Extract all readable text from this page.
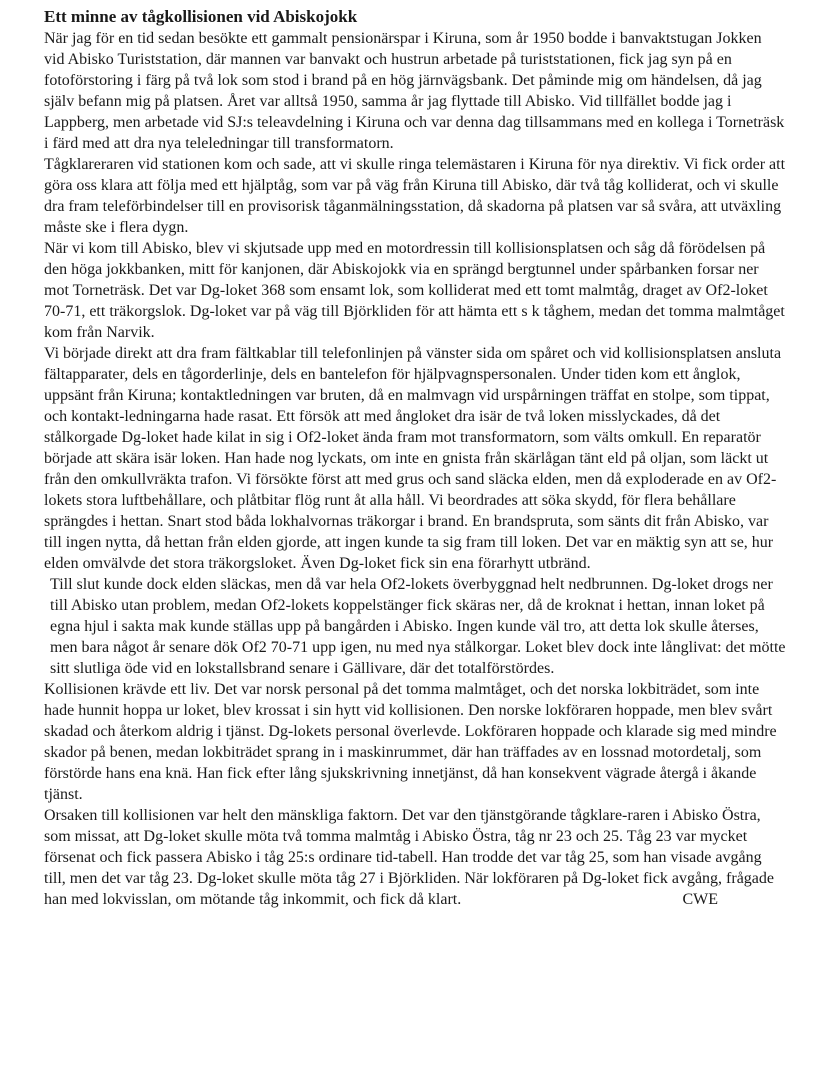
Ett minne av tågkollisionen vid Abiskojokk

När jag för en tid sedan besökte ett gammalt pensionärspar i Kiruna, som år 1950 bodde i banvaktstugan Jokken vid Abisko Turiststation, där mannen var banvakt och hustrun arbetade på turiststationen, fick jag syn på en fotoförstoring i färg på två lok som stod i brand på en hög järnvägsbank. Det påminde mig om händelsen, då jag själv befann mig på platsen. Året var alltså 1950, samma år jag flyttade till Abisko. Vid tillfället bodde jag i Lappberg, men arbetade vid SJ:s teleavdelning i Kiruna och var denna dag tillsammans med en kollega i Torneträsk i färd med att dra nya teleledningar till transformatorn.

Tågklareraren vid stationen kom och sade, att vi skulle ringa telemästaren i Kiruna för nya direktiv. Vi fick order att göra oss klara att följa med ett hjälptåg, som var på väg från Kiruna till Abisko, där två tåg kolliderat, och vi skulle dra fram teleförbindelser till en provisorisk tåganmälningsstation, då skadorna på platsen var så svåra, att utväxling måste ske i flera dygn.

När vi kom till Abisko, blev vi skjutsade upp med en motordressin till kollisionsplatsen och såg då förödelsen på den höga jokkbanken, mitt för kanjonen, där Abiskojokk via en sprängd bergtunnel under spårbanken forsar ner mot Torneträsk. Det var Dg-loket 368 som ensamt lok, som kolliderat med ett tomt malmtåg, draget av Of2-loket 70-71, ett träkorgslok. Dg-loket var på väg till Björkliden för att hämta ett s k tåghem, medan det tomma malmtåget kom från Narvik.

Vi började direkt att dra fram fältkablar till telefonlinjen på vänster sida om spåret och vid kollisionsplatsen ansluta fältapparater, dels en tågorderlinje, dels en bantelefon för hjälpvagnspersonalen. Under tiden kom ett ånglok, uppsänt från Kiruna; kontaktledningen var bruten, då en malmvagn vid urspårningen träffat en stolpe, som tippat, och kontakt-ledningarna hade rasat. Ett försök att med ångloket dra isär de två loken misslyckades, då det stålkorgade Dg-loket hade kilat in sig i Of2-loket ända fram mot transformatorn, som välts omkull. En reparatör började att skära isär loken. Han hade nog lyckats, om inte en gnista från skärlågan tänt eld på oljan, som läckt ut från den omkullvräkta trafon. Vi försökte först att med grus och sand släcka elden, men då exploderade en av Of2-lokets stora luftbehållare, och plåtbitar flög runt åt alla håll. Vi beordrades att söka skydd, för flera behållare sprängdes i hettan. Snart stod båda lokhalvornas träkorgar i brand. En brandspruta, som sänts dit från Abisko, var till ingen nytta, då hettan från elden gjorde, att ingen kunde ta sig fram till loken. Det var en mäktig syn att se, hur elden omvälvde det stora träkorgsloket. Även Dg-loket fick sin ena förarhytt utbränd.

Till slut kunde dock elden släckas, men då var hela Of2-lokets överbyggnad helt nedbrunnen. Dg-loket drogs ner till Abisko utan problem, medan Of2-lokets koppelstänger fick skäras ner, då de kroknat i hettan, innan loket på egna hjul i sakta mak kunde ställas upp på bangården i Abisko. Ingen kunde väl tro, att detta lok skulle återses, men bara något år senare dök Of2 70-71 upp igen, nu med nya stålkorgar. Loket blev dock inte långlivat: det mötte sitt slutliga öde vid en lokstallsbrand senare i Gällivare, där det totalförstördes.

Kollisionen krävde ett liv. Det var norsk personal på det tomma malmtåget, och det norska lokbiträdet, som inte hade hunnit hoppa ur loket, blev krossat i sin hytt vid kollisionen. Den norske lokföraren hoppade, men blev svårt skadad och återkom aldrig i tjänst. Dg-lokets personal överlevde. Lokföraren hoppade och klarade sig med mindre skador på benen, medan lokbiträdet sprang in i maskinrummet, där han träffades av en lossnad motordetalj, som förstörde hans ena knä. Han fick efter lång sjukskrivning innetjänst, då han konsekvent vägrade återgå i åkande tjänst.

Orsaken till kollisionen var helt den mänskliga faktorn. Det var den tjänstgörande tågklare-raren i Abisko Östra, som missat, att Dg-loket skulle möta två tomma malmtåg i Abisko Östra, tåg nr 23 och 25. Tåg 23 var mycket försenat och fick passera Abisko i tåg 25:s ordinare tid-tabell. Han trodde det var tåg 25, som han visade avgång till, men det var tåg 23. Dg-loket skulle möta tåg 27 i Björkliden. När lokföraren på Dg-loket fick avgång, frågade han med lokvisslan, om mötande tåg inkommit, och fick då klart.	CWE
